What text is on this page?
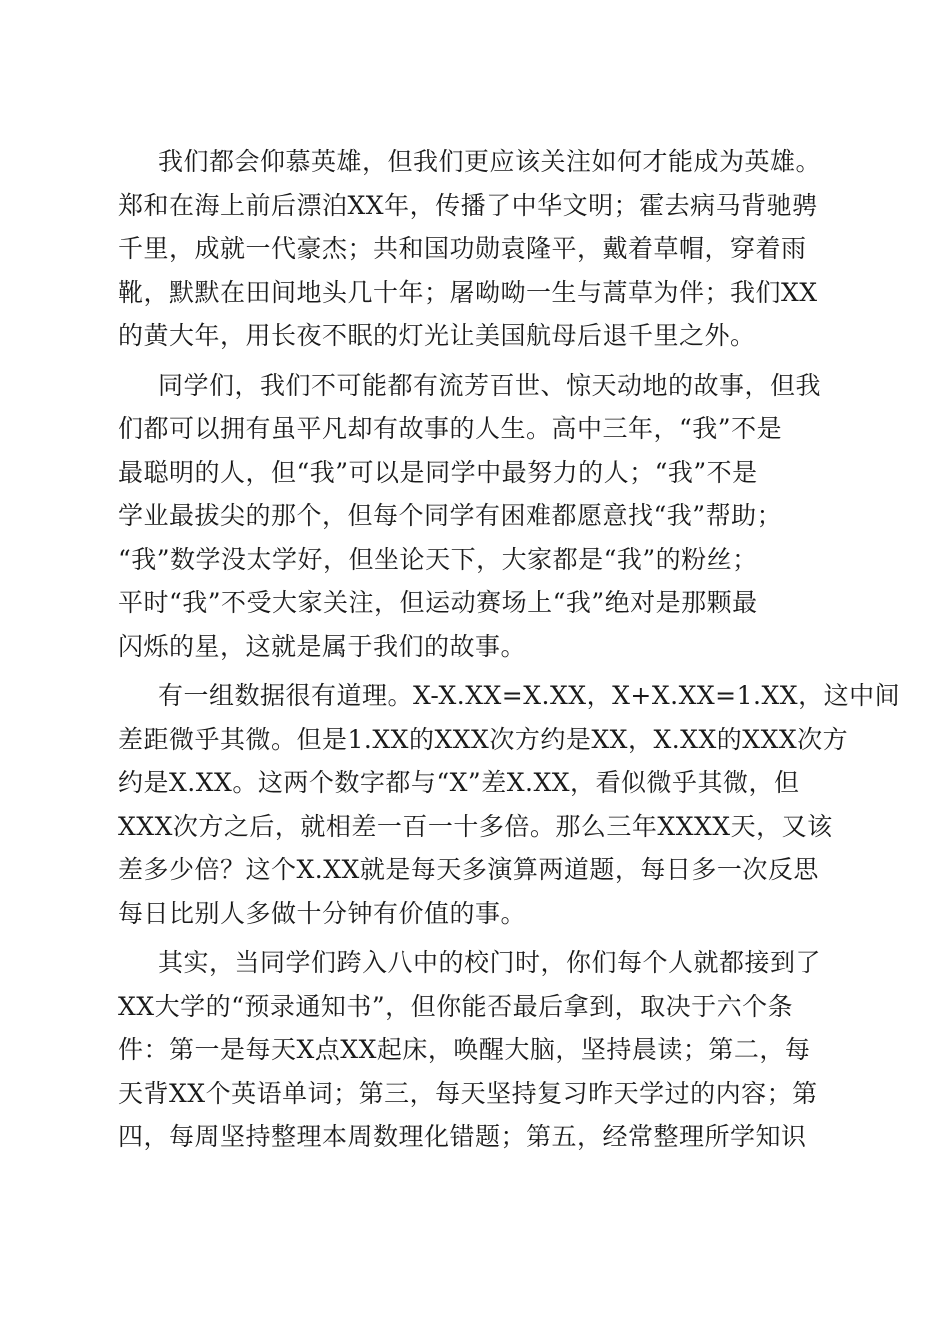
我们都会仰慕英雄，但我们更应该关注如何才能成为英雄。
郑和在海上前后漂泊XX年，传播了中华文明；霍去病马背驰骋
千里，成就一代豪杰；共和国功勋袁隆平，戴着草帽，穿着雨
靴，默默在田间地头几十年；屠呦呦一生与蒿草为伴；我们XX
的黄大年，用长夜不眠的灯光让美国航母后退千里之外。

同学们，我们不可能都有流芳百世、惊天动地的故事，但我
们都可以拥有虽平凡却有故事的人生。高中三年，“我”不是
最聪明的人，但“我”可以是同学中最努力的人；“我”不是
学业最拔尖的那个，但每个同学有困难都愿意找“我”帮助；
“我”数学没太学好，但坐论天下，大家都是“我”的粉丝；
平时“我”不受大家关注，但运动赛场上“我”绝对是那颗最
闪烁的星，这就是属于我们的故事。

有一组数据很有道理。X-X.XX=X.XX，X+X.XX=1.XX，这中间
差距微乎其微。但是1.XX的XXX次方约是XX，X.XX的XXX次方
约是X.XX。这两个数字都与“X”差X.XX，看似微乎其微，但
XXX次方之后，就相差一百一十多倍。那么三年XXXX天，又该
差多少倍？这个X.XX就是每天多演算两道题，每日多一次反思
每日比别人多做十分钟有价值的事。

其实，当同学们跨入八中的校门时，你们每个人就都接到了
XX大学的“预录通知书”，但你能否最后拿到，取决于六个条
件：第一是每天X点XX起床，唤醒大脑，坚持晨读；第二，每
天背XX个英语单词；第三，每天坚持复习昨天学过的内容；第
四，每周坚持整理本周数理化错题；第五，经常整理所学知识
